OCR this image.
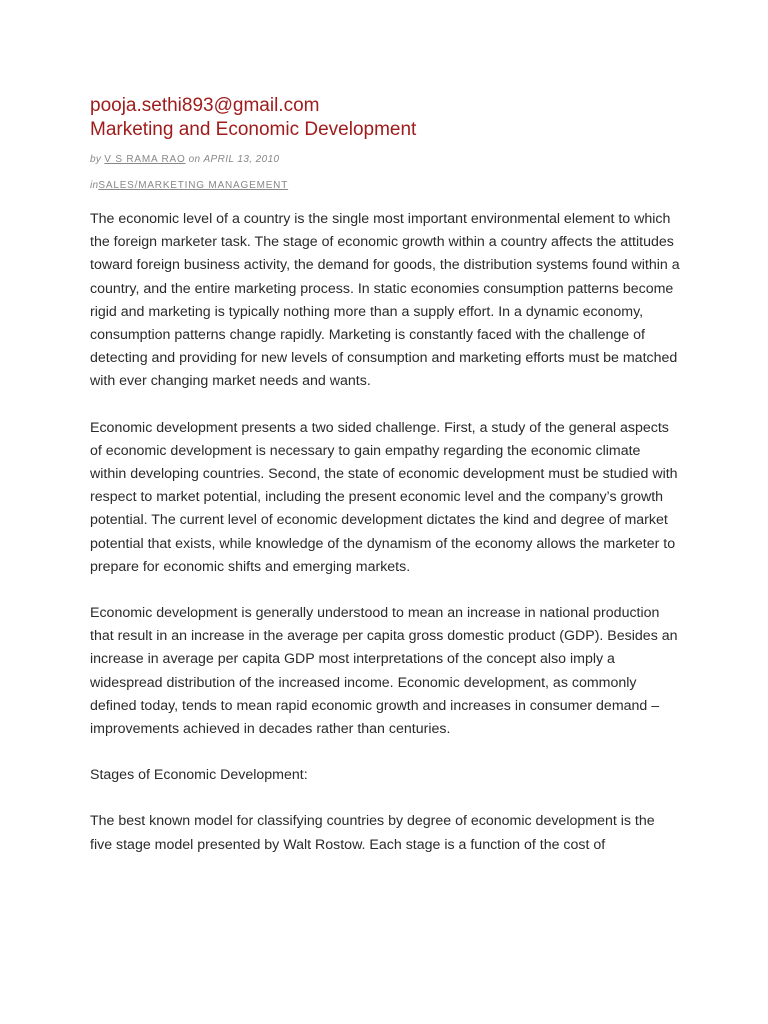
pooja.sethi893@gmail.com

Marketing and Economic Development
by V S RAMA RAO on APRIL 13, 2010
inSALES/MARKETING MANAGEMENT

The economic level of a country is the single most important environmental element to which the foreign marketer task. The stage of economic growth within a country affects the attitudes toward foreign business activity, the demand for goods, the distribution systems found within a country, and the entire marketing process. In static economies consumption patterns become rigid and marketing is typically nothing more than a supply effort. In a dynamic economy, consumption patterns change rapidly. Marketing is constantly faced with the challenge of detecting and providing for new levels of consumption and marketing efforts must be matched with ever changing market needs and wants.

Economic development presents a two sided challenge. First, a study of the general aspects of economic development is necessary to gain empathy regarding the economic climate within developing countries. Second, the state of economic development must be studied with respect to market potential, including the present economic level and the company’s growth potential. The current level of economic development dictates the kind and degree of market potential that exists, while knowledge of the dynamism of the economy allows the marketer to prepare for economic shifts and emerging markets.

Economic development is generally understood to mean an increase in national production that result in an increase in the average per capita gross domestic product (GDP). Besides an increase in average per capita GDP most interpretations of the concept also imply a widespread distribution of the increased income. Economic development, as commonly defined today, tends to mean rapid economic growth and increases in consumer demand – improvements achieved in decades rather than centuries.

Stages of Economic Development:

The best known model for classifying countries by degree of economic development is the five stage model presented by Walt Rostow. Each stage is a function of the cost of
